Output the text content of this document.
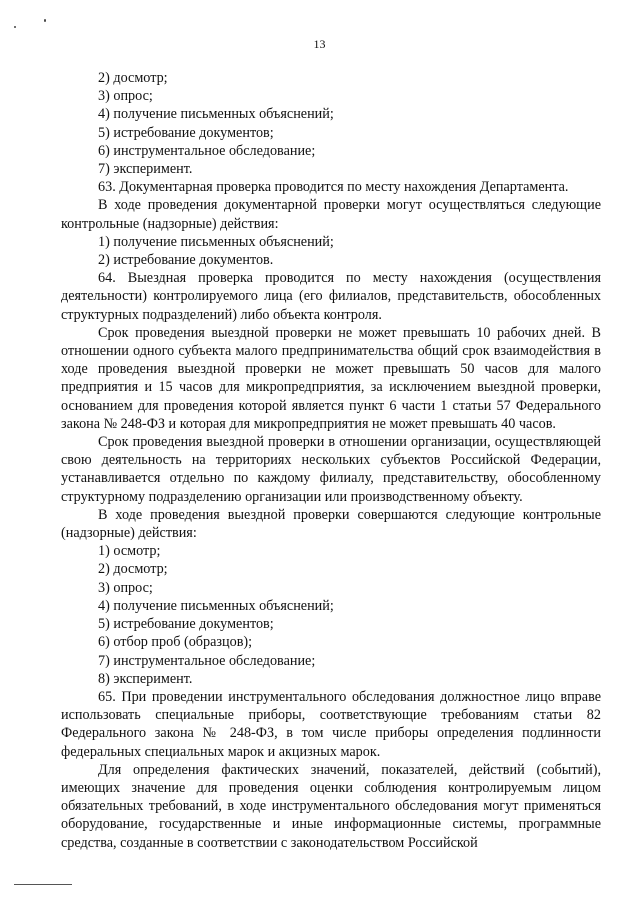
13
2) досмотр;
3) опрос;
4) получение письменных объяснений;
5) истребование документов;
6) инструментальное обследование;
7) эксперимент.

63. Документарная проверка проводится по месту нахождения Департамента.

В ходе проведения документарной проверки могут осуществляться следующие контрольные (надзорные) действия:

1) получение письменных объяснений;
2) истребование документов.

64. Выездная проверка проводится по месту нахождения (осуществления деятельности) контролируемого лица (его филиалов, представительств, обособленных структурных подразделений) либо объекта контроля.

Срок проведения выездной проверки не может превышать 10 рабочих дней. В отношении одного субъекта малого предпринимательства общий срок взаимодействия в ходе проведения выездной проверки не может превышать 50 часов для малого предприятия и 15 часов для микропредприятия, за исключением выездной проверки, основанием для проведения которой является пункт 6 части 1 статьи 57 Федерального закона № 248-ФЗ и которая для микропредприятия не может превышать 40 часов.

Срок проведения выездной проверки в отношении организации, осуществляющей свою деятельность на территориях нескольких субъектов Российской Федерации, устанавливается отдельно по каждому филиалу, представительству, обособленному структурному подразделению организации или производственному объекту.

В ходе проведения выездной проверки совершаются следующие контрольные (надзорные) действия:

1) осмотр;
2) досмотр;
3) опрос;
4) получение письменных объяснений;
5) истребование документов;
6) отбор проб (образцов);
7) инструментальное обследование;
8) эксперимент.

65. При проведении инструментального обследования должностное лицо вправе использовать специальные приборы, соответствующие требованиям статьи 82 Федерального закона № 248-ФЗ, в том числе приборы определения подлинности федеральных специальных марок и акцизных марок.

Для определения фактических значений, показателей, действий (событий), имеющих значение для проведения оценки соблюдения контролируемым лицом обязательных требований, в ходе инструментального обследования могут применяться оборудование, государственные и иные информационные системы, программные средства, созданные в соответствии с законодательством Российской
